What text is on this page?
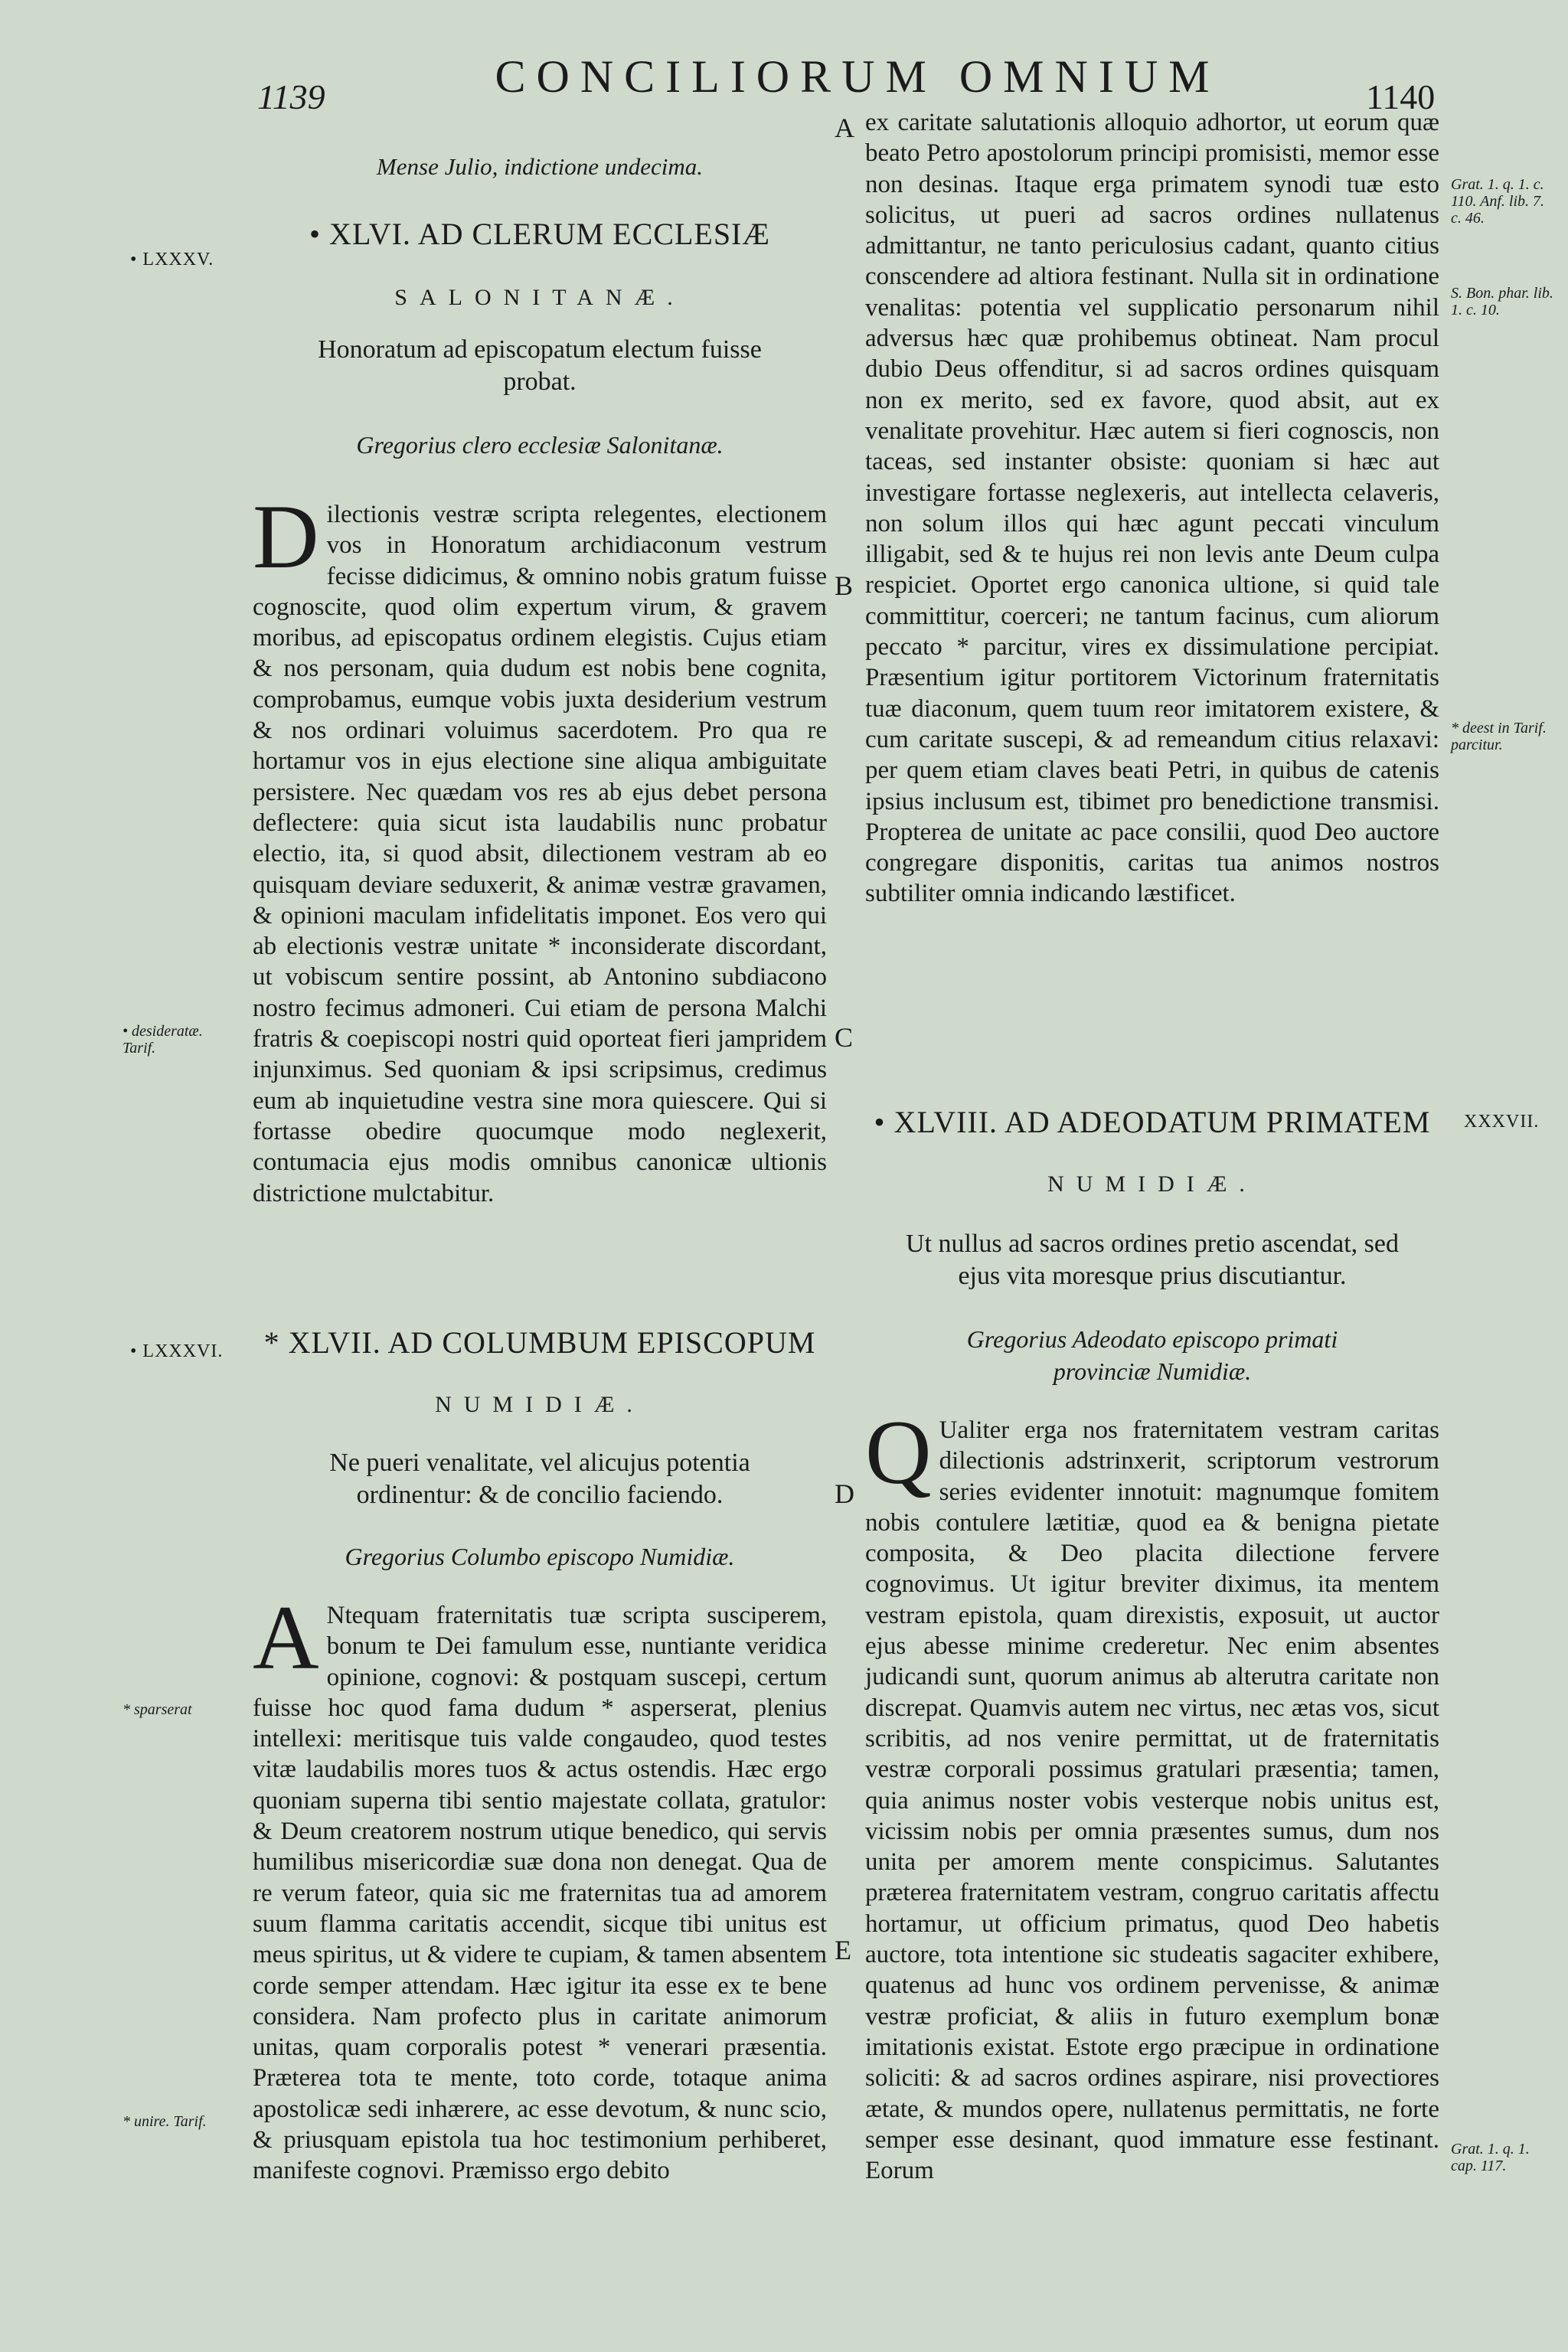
1139	CONCILIORUM OMNIUM	1140
Mense Julio, indictione undecima.
• XLVI. AD CLERUM ECCLESIÆ
SALONITANÆ.
Honoratum ad episcopatum electum fuisse probat.
Gregorius clero ecclesiæ Salonitanæ.
Dilectionis vestræ scripta relegentes, electionem vos in Honoratum archidiaconum vestrum fecisse didicimus, & omnino nobis gratum fuisse cognoscite, quod olim expertum virum, & gravem moribus, ad episcopatus ordinem elegistis. Cujus etiam & nos personam, quia dudum est nobis bene cognita, comprobamus, eumque vobis juxta desiderium vestrum & nos ordinari voluimus sacerdotem. Pro qua re hortamur vos in ejus electione sine aliqua ambiguitate persistere. Nec quædam vos res ab ejus debet persona deflectere: quia sicut ista laudabilis nunc probatur electio, ita, si quod absit, dilectionem vestram ab eo quisquam deviare seduxerit, & animæ vestræ gravamen, & opinioni maculam infidelitatis imponet. Eos vero qui ab electionis vestræ unitate * inconsiderate discordant, ut vobiscum sentire possint, ab Antonino subdiacono nostro fecimus admoneri. Cui etiam de persona Malchi fratris & coepiscopi nostri quid oporteat fieri jampridem injunximus. Sed quoniam & ipsi scripsimus, credimus eum ab inquietudine vestra sine mora quiescere. Qui si fortasse obedire quocumque modo neglexerit, contumacia ejus modis omnibus canonicæ ultionis districtione mulctabitur.
* XLVII. AD COLUMBUM EPISCOPUM
NUMIDIÆ.
Ne pueri venalitate, vel alicujus potentia ordinentur: & de concilio faciendo.
Gregorius Columbo episcopo Numidiæ.
A Ntequam fraternitatis tuæ scripta susciperem, bonum te Dei famulum esse, nuntiante veridica opinione, cognovi: & postquam suscepi, certum fuisse hoc quod fama dudum * asperserat, plenius intellexi: meritisque tuis valde congaudeo, quod testes vitæ laudabilis mores tuos & actus ostendis. Hæc ergo quoniam superna tibi sentio majestate collata, gratulor: & Deum creatorem nostrum utique benedico, qui servis humilibus misericordiæ suæ dona non denegat. Qua de re verum fateor, quia sic me fraternitas tua ad amorem suum flamma caritatis accendit, sicque tibi unitus est meus spiritus, ut & videre te cupiam, & tamen absentem corde semper attendam. Hæc igitur ita esse ex te bene considera. Nam profecto plus in caritate animorum unitas, quam corporalis potest * venerari præsentia. Præterea tota te mente, toto corde, totaque anima apostolicæ sedi inhærere, ac esse devotum, & nunc scio, & priusquam epistola tua hoc testimonium perhiberet, manifeste cognovi. Præmisso ergo debito
ex caritate salutationis alloquio adhortor, ut eorum quæ beato Petro apostolorum principi promisisti, memor esse non desinas. Itaque erga primatem synodi tuæ esto solicitus, ut pueri ad sacros ordines nullatenus admittantur, ne tanto periculosius cadant, quanto citius conscendere ad altiora festinant. Nulla sit in ordinatione venalitas: potentia vel supplicatio personarum nihil adversus hæc quæ prohibemus obtineat. Nam procul dubio Deus offenditur, si ad sacros ordines quisquam non ex merito, sed ex favore, quod absit, aut ex venalitate provehitur. Hæc autem si fieri cognoscis, non taceas, sed instanter obsiste: quoniam si hæc aut investigare fortasse neglexeris, aut intellecta celaveris, non solum illos qui hæc agunt peccati vinculum illigabit, sed & te hujus rei non levis ante Deum culpa respiciet. Oportet ergo canonica ultione, si quid tale committitur, coerceri; ne tantum facinus, cum aliorum peccato * parcitur, vires ex dissimulatione percipiat. Præsentium igitur portitorem Victorinum fraternitatis tuæ diaconum, quem tuum reor imitatorem existere, & cum caritate suscepi, & ad remeandum citius relaxavi: per quem etiam claves beati Petri, in quibus de catenis ipsius inclusum est, tibimet pro benedictione transmisi. Propterea de unitate ac pace consilii, quod Deo auctore congregare disponitis, caritas tua animos nostros subtiliter omnia indicando læstificet.
• XLVIII. AD ADEODATUM PRIMATEM
NUMIDIÆ.
Ut nullus ad sacros ordines pretio ascendat, sed ejus vita moresque prius discutiantur.
Gregorius Adeodato episcopo primati provinciæ Numidiæ.
Q Ualiter erga nos fraternitatem vestram caritas dilectionis adstrinxerit, scriptorum vestrorum series evidenter innotuit: magnumque fomitem nobis contulere lætitiæ, quod ea & benigna pietate composita, & Deo placita dilectione fervere cognovimus. Ut igitur breviter diximus, ita mentem vestram epistola, quam direxistis, exposuit, ut auctor ejus abesse minime crederetur. Nec enim absentes judicandi sunt, quorum animus ab alterutra caritate non discrepat. Quamvis autem nec virtus, nec ætas vos, sicut scribitis, ad nos venire permittat, ut de fraternitatis vestræ corporali possimus gratulari præsentia; tamen, quia animus noster vobis vesterque nobis unitus est, vicissim nobis per omnia præsentes sumus, dum nos unita per amorem mente conspicimus. Salutantes præterea fraternitatem vestram, congruo caritatis affectu hortamur, ut officium primatus, quod Deo habetis auctore, tota intentione sic studeatis sagaciter exhibere, quatenus ad hunc vos ordinem pervenisse, & animæ vestræ proficiat, & aliis in futuro exemplum bonæ imitationis existat. Estote ergo præcipue in ordinatione soliciti: & ad sacros ordines aspirare, nisi provectiores ætate, & mundos opere, nullatenus permittatis, ne forte semper esse desinant, quod immature esse festinant. Eorum
A
B
C
D
E
• LXXXV.
• desideratæ. Tarif.
• LXXXVI.
* sparserat
* unire. Tarif.
Grat. 1. q. 1. c. 110. Anf. lib. 7. c. 46.
S. Bon. phar. lib. 1. c. 10.
* deest in Tarif. parcitur.
XXXVII.
Grat. 1. q. 1. cap. 117.
